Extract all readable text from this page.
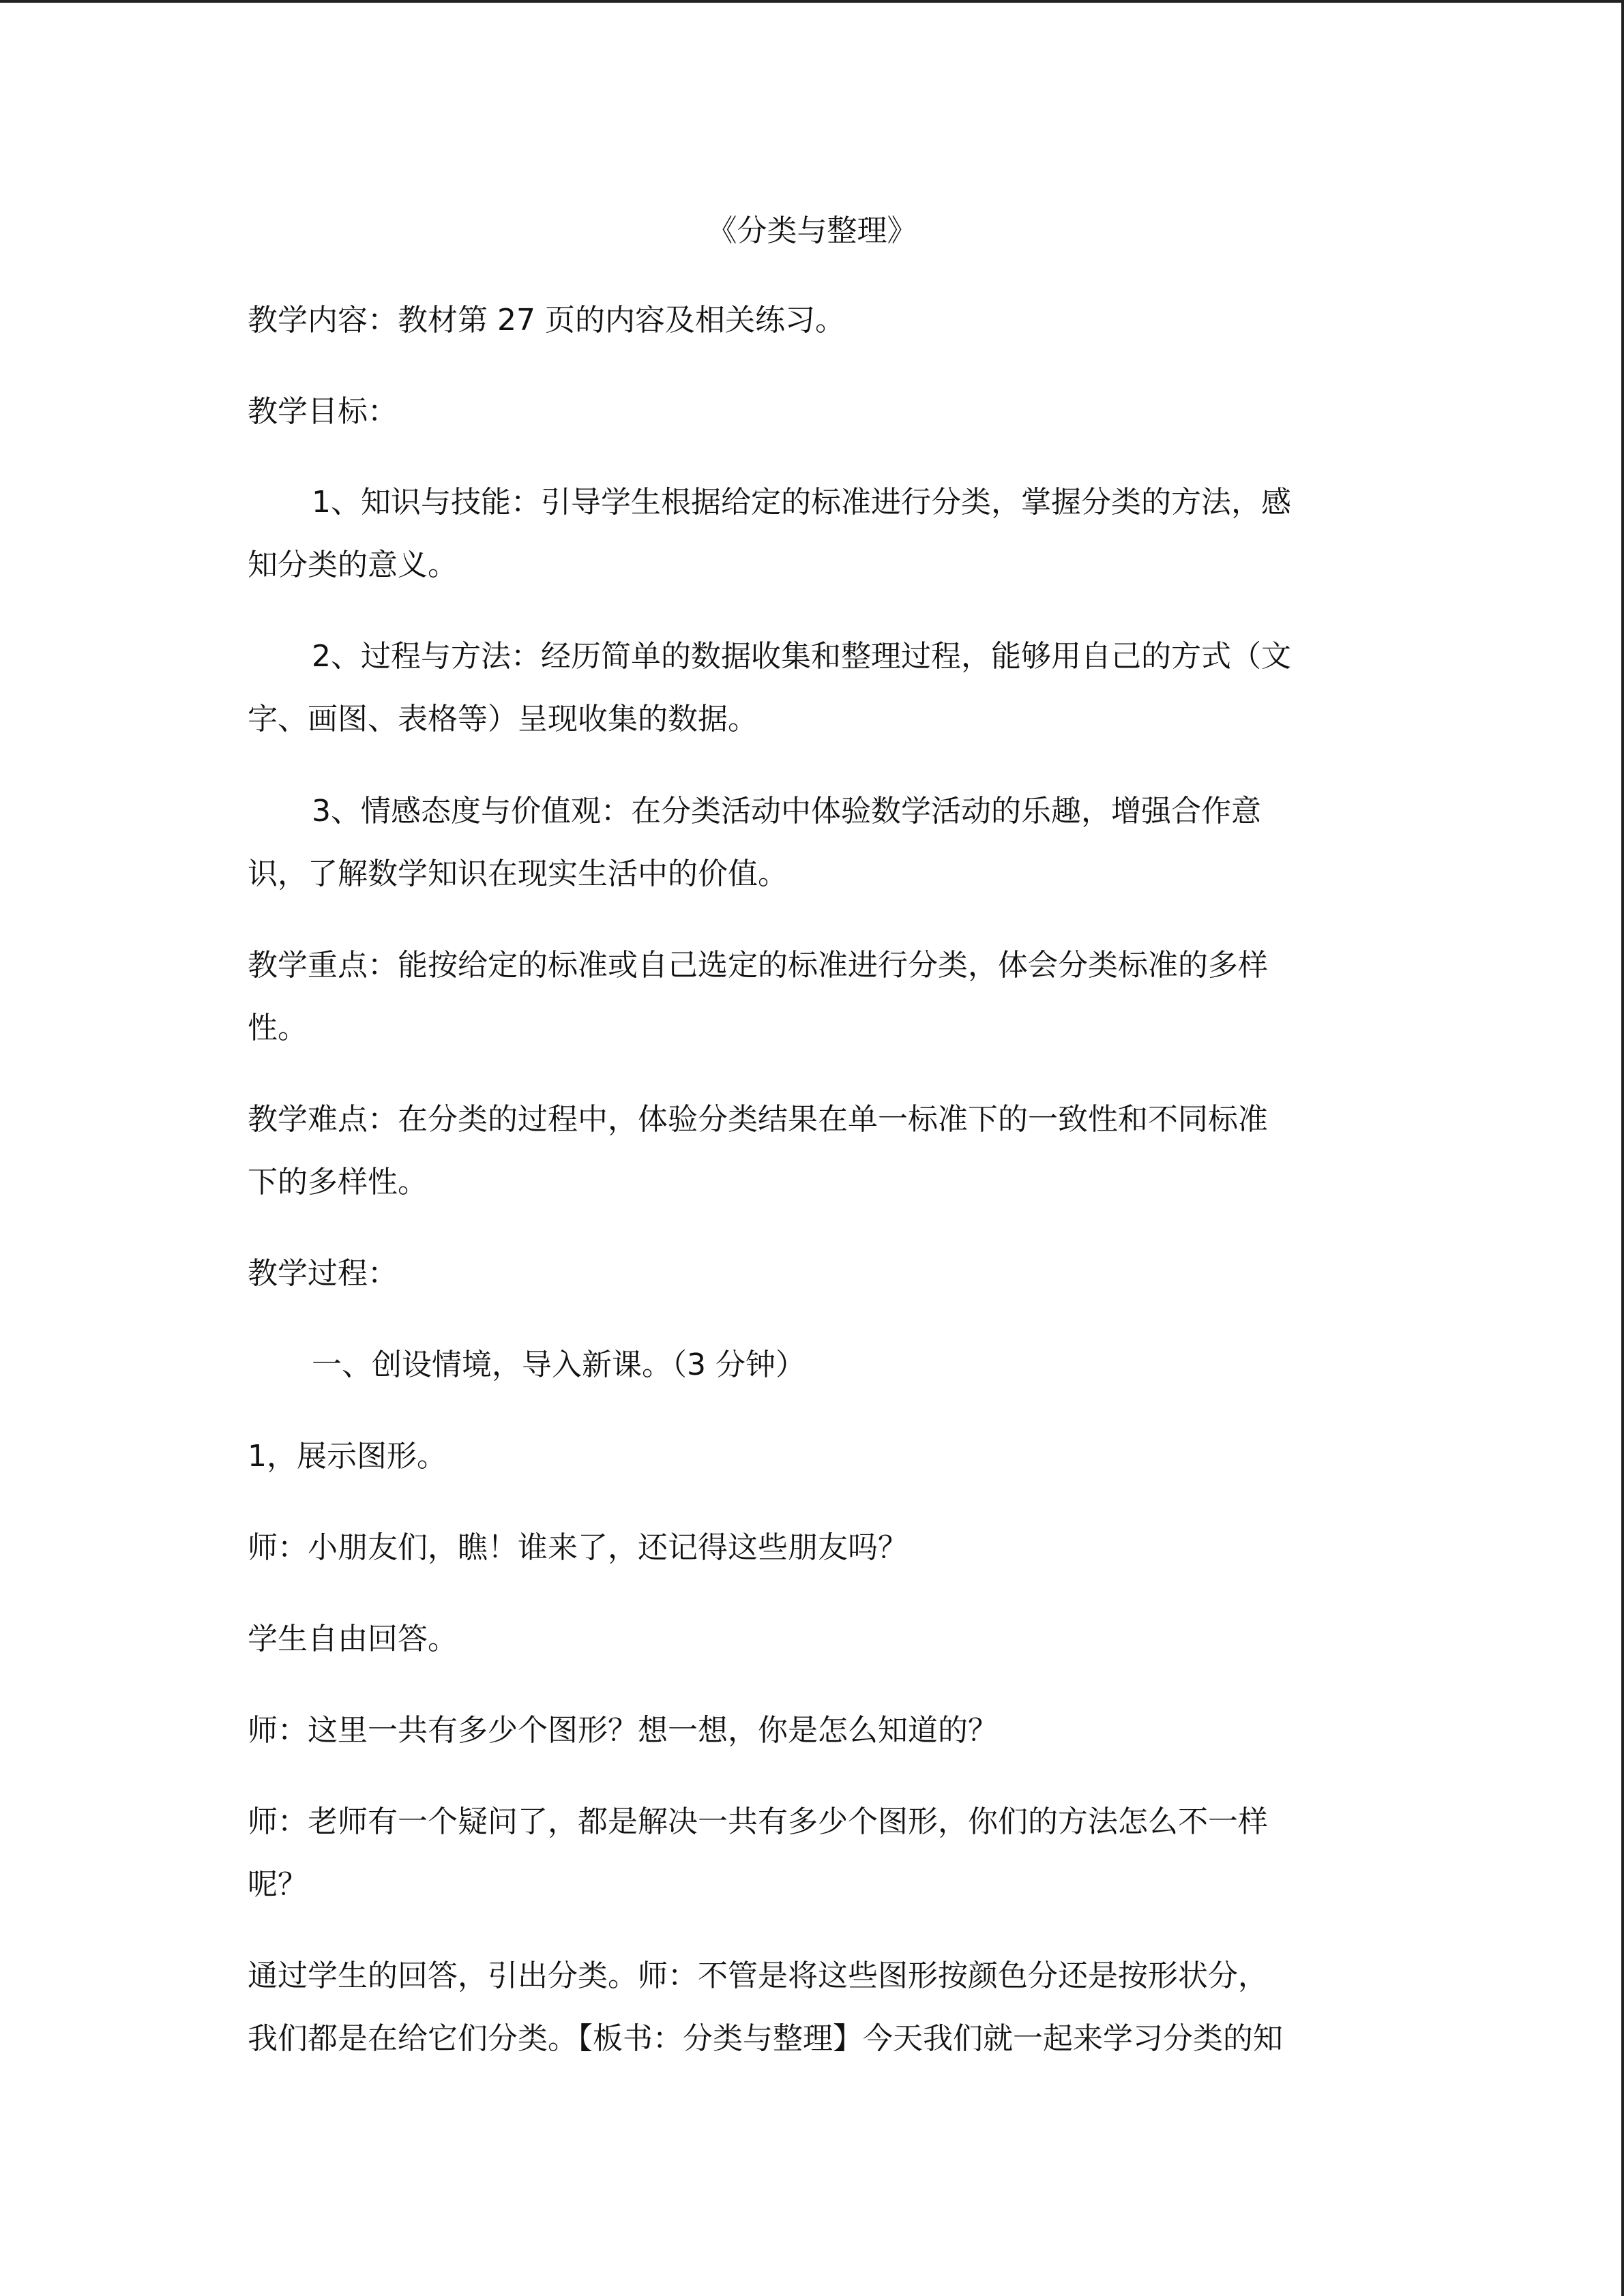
《分类与整理》
教学内容：教材第 27 页的内容及相关练习。
教学目标：
1、知识与技能：引导学生根据给定的标准进行分类，掌握分类的方法，感
知分类的意义。
2、过程与方法：经历简单的数据收集和整理过程，能够用自己的方式（文
字、画图、表格等）呈现收集的数据。
3、情感态度与价值观：在分类活动中体验数学活动的乐趣，增强合作意
识，了解数学知识在现实生活中的价值。
教学重点：能按给定的标准或自己选定的标准进行分类，体会分类标准的多样
性。
教学难点：在分类的过程中，体验分类结果在单一标准下的一致性和不同标准
下的多样性。
教学过程：
一、创设情境，导入新课。（3 分钟）
1，展示图形。
师：小朋友们，瞧！谁来了，还记得这些朋友吗？
学生自由回答。
师：这里一共有多少个图形？想一想，你是怎么知道的？
师：老师有一个疑问了，都是解决一共有多少个图形，你们的方法怎么不一样
呢？
通过学生的回答，引出分类。师：不管是将这些图形按颜色分还是按形状分，
我们都是在给它们分类。【板书：分类与整理】今天我们就一起来学习分类的知
